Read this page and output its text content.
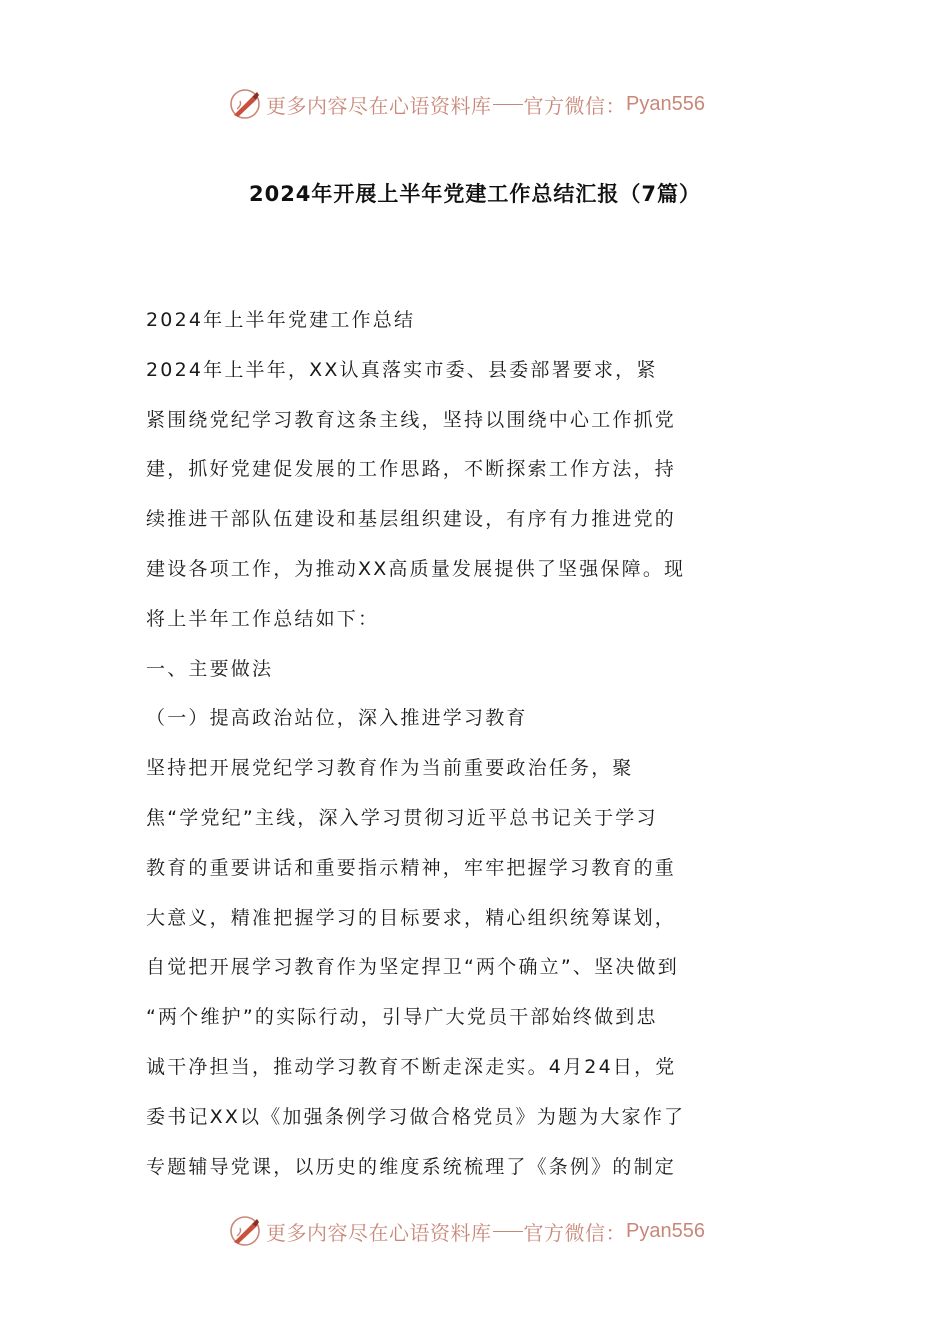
更多内容尽在心语资料库 官方微信： Pyan556
2024年开展上半年党建工作总结汇报（7篇）
2024年上半年党建工作总结
2024年上半年，XX认真落实市委、县委部署要求，紧
紧围绕党纪学习教育这条主线，坚持以围绕中心工作抓党
建，抓好党建促发展的工作思路，不断探索工作方法，持
续推进干部队伍建设和基层组织建设，有序有力推进党的
建设各项工作，为推动XX高质量发展提供了坚强保障。现
将上半年工作总结如下：
一、主要做法
（一）提高政治站位，深入推进学习教育
坚持把开展党纪学习教育作为当前重要政治任务，聚
焦“学党纪”主线，深入学习贯彻习近平总书记关于学习
教育的重要讲话和重要指示精神，牢牢把握学习教育的重
大意义，精准把握学习的目标要求，精心组织统筹谋划，
自觉把开展学习教育作为坚定捍卫“两个确立”、坚决做到
“两个维护”的实际行动，引导广大党员干部始终做到忠
诚干净担当，推动学习教育不断走深走实。4月24日，党
委书记XX以《加强条例学习做合格党员》为题为大家作了
专题辅导党课，以历史的维度系统梳理了《条例》的制定
更多内容尽在心语资料库 官方微信： Pyan556
